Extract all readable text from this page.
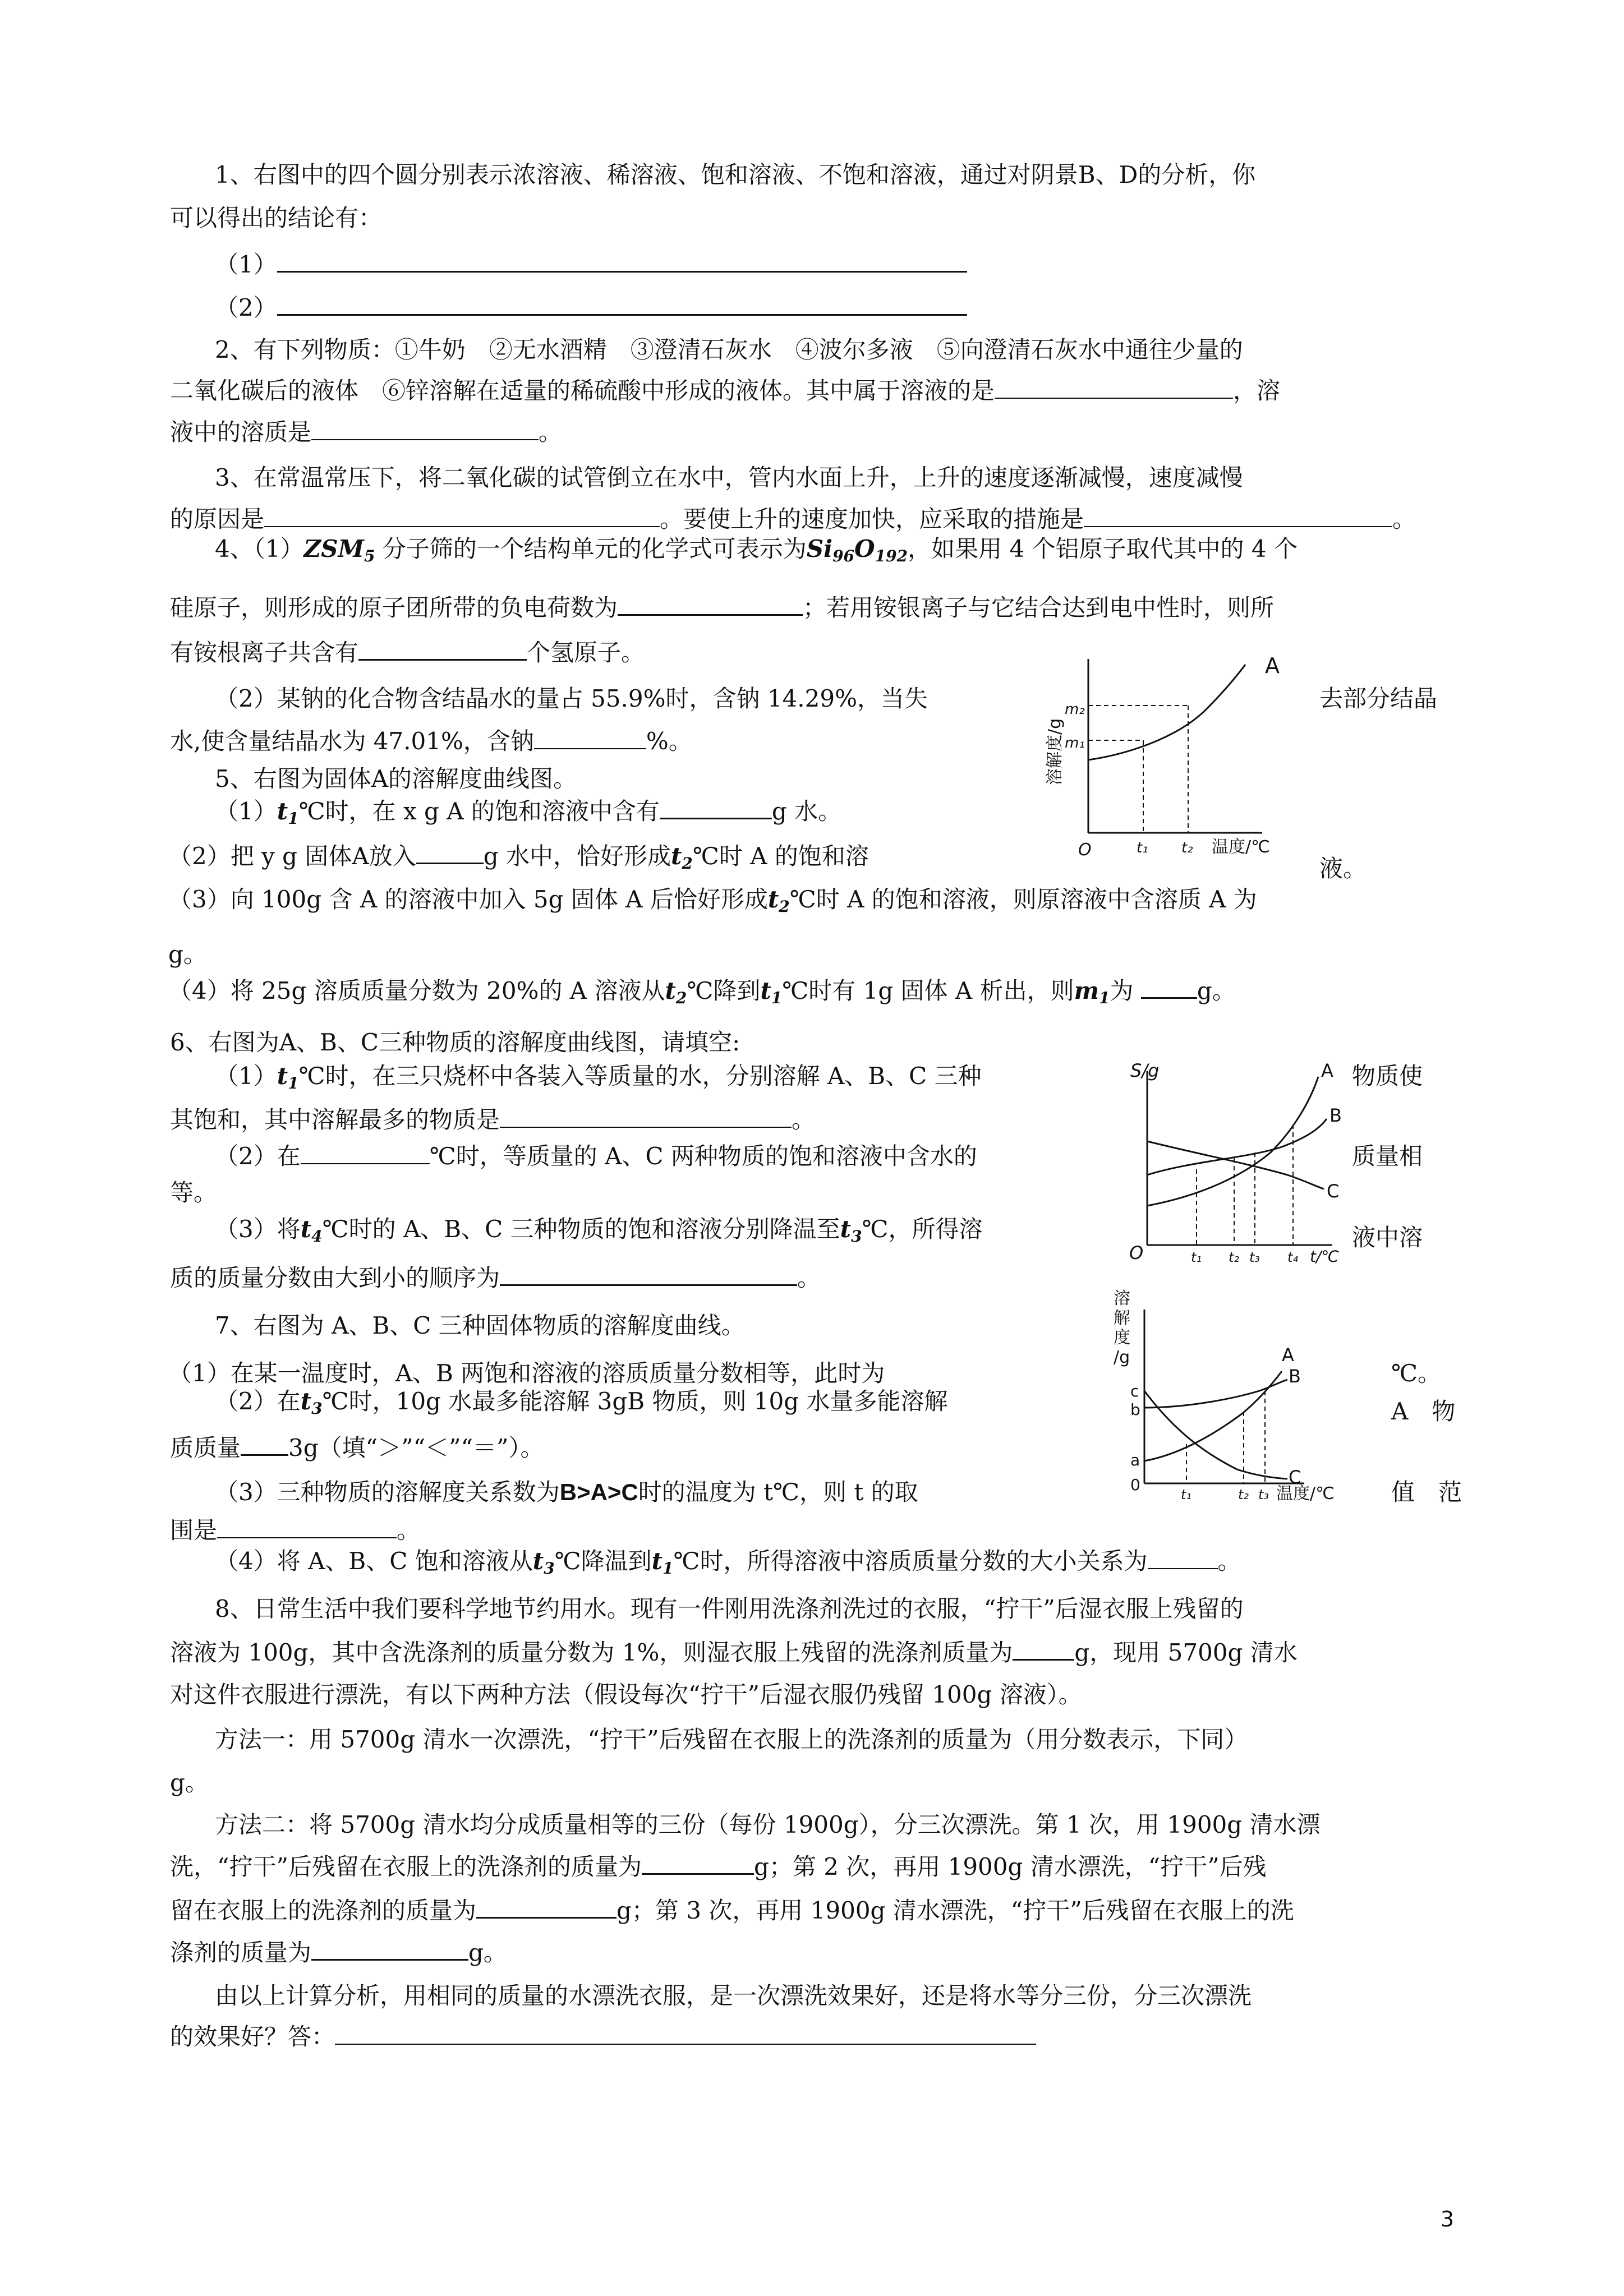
1、右图中的四个圆分别表示浓溶液、稀溶液、饱和溶液、不饱和溶液，通过对阴景B、D的分析，你
可以得出的结论有：
（1）
（2）
2、有下列物质：①牛奶　②无水酒精　③澄清石灰水　④波尔多液　⑤向澄清石灰水中通往少量的
二氧化碳后的液体　⑥锌溶解在适量的稀硫酸中形成的液体。其中属于溶液的是	，溶
液中的溶质是	。
3、在常温常压下，将二氧化碳的试管倒立在水中，管内水面上升，上升的速度逐渐减慢，速度减慢
的原因是	。要使上升的速度加快，应采取的措施是	。
4、$(1)ZSM_5$ 分子筛的一个结构单元的化学式可表示为$Si_{96}O_{192}$，如果用 4 个铝原子取代其中的 4 个
硅原子，则形成的原子团所带的负电荷数为	；若用铵银离子与它结合达到电中性时，则所
有铵根离子共含有	个氢原子。
（2）某钠的化合物含结晶水的量占 55.9%时，含钠 14.29%，当失	去部分结晶
水,使含量结晶水为 47.01%，含钠	%。
A
m₂
m₁
O	t₁ t₂ 温度/℃
溶解度/g
5、右图为固体A的溶解度曲线图。
$(1)t_1℃$时，在 x g A 的饱和溶液中含有	g 水。
（2）把 y g 固体A放入	g 水中，恰好形成$t_2℃$时 A 的饱和溶	液。
（3）向 100g 含 A 的溶液中加入 5g 固体 A 后恰好形成$t_2℃$时 A 的饱和溶液，则原溶液中含溶质 A 为
g。
（4）将 25g 溶质质量分数为 20%的 A 溶液从$t_2℃$降到$t_1℃$时有 1g 固体 A 析出，则$m_1$为	g。
6、右图为A、B、C三种物质的溶解度曲线图，请填空:
$(1)t_1℃$时，在三只烧杯中各装入等质量的水，分别溶解 A、B、C 三种	物质使
其饱和，其中溶解最多的物质是	。
（2）在	℃时，等质量的 A、C 两种物质的饱和溶液中含水的	质量相
等。
（3）将$t_4℃$时的 A、B、C 三种物质的饱和溶液分别降温至$t_3℃$，所得溶	液中溶
质的质量分数由大到小的顺序为	。
S/g	A
B
C
O	t₁ t₂ t₃ t₄ t/℃
7、右图为 A、B、C 三种固体物质的溶解度曲线。
（1）在某一温度时，A、B 两饱和溶液的溶质质量分数相等，此时为	℃。
（2）在$t_3℃$时，10g 水最多能溶解 3gB 物质，则 10g 水量多能溶解	A　物
质质量 3g（填“＞”“＜”“＝”）。
（3）三种物质的溶解度关系数为B>A>C时的温度为 t℃，则 t 的取	值　范
围是	。
（4）将 A、B、C 饱和溶液从$t_3℃$降温到$t_1℃$时，所得溶液中溶质质量分数的大小关系为	。
溶
解
度
/g
c
b
a
0
A
B
C
t₁	t₂ t₃ 温度/℃
8、日常生活中我们要科学地节约用水。现有一件刚用洗涤剂洗过的衣服，“拧干”后湿衣服上残留的
溶液为 100g，其中含洗涤剂的质量分数为 1%，则湿衣服上残留的洗涤剂质量为	g，现用 5700g 清水
对这件衣服进行漂洗，有以下两种方法（假设每次“拧干”后湿衣服仍残留 100g 溶液）。
方法一：用 5700g 清水一次漂洗，“拧干”后残留在衣服上的洗涤剂的质量为（用分数表示，下同）
g。
方法二：将 5700g 清水均分成质量相等的三份（每份 1900g），分三次漂洗。第 1 次，用 1900g 清水漂
洗，“拧干”后残留在衣服上的洗涤剂的质量为	g；第 2 次，再用 1900g 清水漂洗，“拧干”后残
留在衣服上的洗涤剂的质量为	g；第 3 次，再用 1900g 清水漂洗，“拧干”后残留在衣服上的洗
涤剂的质量为	g。
由以上计算分析，用相同的质量的水漂洗衣服，是一次漂洗效果好，还是将水等分三份，分三次漂洗
的效果好？答：
3
